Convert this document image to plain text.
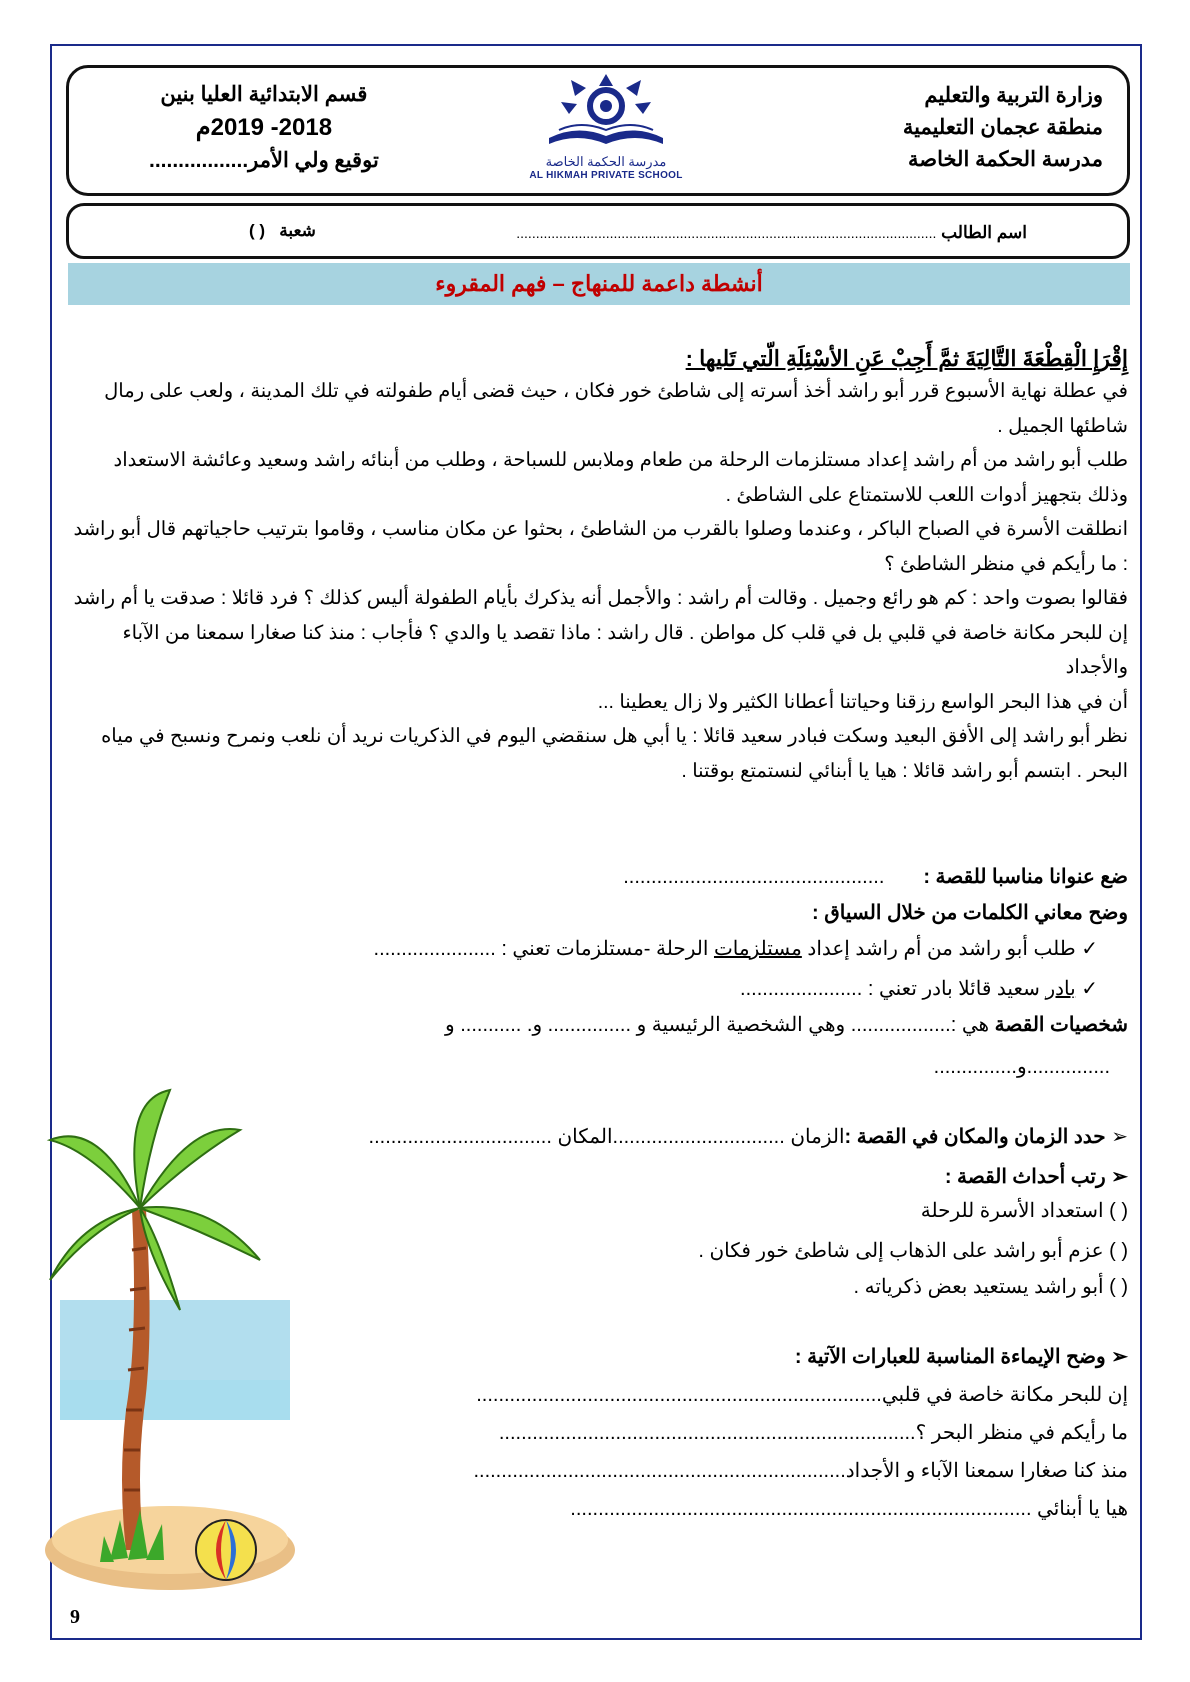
وزارة التربية والتعليم
منطقة عجمان التعليمية
مدرسة الحكمة الخاصة
مدرسة الحكمة الخاصة
AL HIKMAH PRIVATE SCHOOL
قسم الابتدائية العليا بنين
2018- 2019م
توقيع ولي الأمر.................
اسم الطالب ............................................................................................................
شعبة   ( )
أنشطة داعمة للمنهاج – فهم المقروء
إِقْرَإِ الْقِطْعَةَ التَّالِيَةَ ثمَّ أَجِبْ عَنِ الأسْئِلَةِ الّتي تَليها :

في عطلة نهاية الأسبوع قرر أبو راشد أخذ أسرته إلى شاطئ خور فكان ، حيث قضى أيام طفولته في تلك المدينة ، ولعب على رمال شاطئها الجميل .

طلب أبو راشد من أم راشد إعداد مستلزمات الرحلة من طعام وملابس للسباحة ، وطلب من أبنائه راشد وسعيد وعائشة الاستعداد وذلك بتجهيز أدوات اللعب للاستمتاع على الشاطئ .

انطلقت الأسرة في الصباح الباكر ، وعندما وصلوا بالقرب من الشاطئ ، بحثوا عن مكان مناسب ، وقاموا بترتيب حاجياتهم قال أبو راشد : ما رأيكم في منظر الشاطئ ؟

فقالوا بصوت واحد : كم هو رائع وجميل . وقالت أم راشد : والأجمل أنه يذكرك بأيام الطفولة أليس كذلك ؟ فرد قائلا : صدقت يا أم راشد إن للبحر مكانة خاصة في قلبي بل في قلب كل مواطن . قال راشد : ماذا تقصد يا والدي ؟ فأجاب : منذ كنا صغارا سمعنا من الآباء والأجداد

أن في هذا البحر الواسع رزقنا وحياتنا أعطانا الكثير ولا زال يعطينا ...

نظر أبو راشد إلى الأفق البعيد وسكت فبادر سعيد قائلا : يا أبي هل سنقضي اليوم في الذكريات نريد أن نلعب ونمرح ونسبح في مياه البحر . ابتسم أبو راشد قائلا : هيا يا أبنائي لنستمتع بوقتنا .

ضع عنوانا مناسبا للقصة :       ...............................................
وضح معاني الكلمات من خلال السياق :
✓ طلب أبو راشد من أم راشد إعداد مستلزمات الرحلة -مستلزمات تعني : ......................
✓ بادر سعيد قائلا بادر تعني : ......................
شخصيات القصة هي :.................. وهي الشخصية الرئيسية و ............... و. ........... و
...............و...............
➢ حدد الزمان والمكان في القصة :الزمان ...............................المكان .................................
➢ رتب أحداث القصة :
( ) استعداد الأسرة للرحلة
( ) عزم أبو راشد على الذهاب إلى شاطئ خور فكان .
( ) أبو راشد يستعيد بعض ذكرياته .
➢ وضح الإيماءة المناسبة للعبارات الآتية :
إن للبحر مكانة خاصة في قلبي.........................................................................
ما رأيكم في منظر البحر ؟...........................................................................
منذ كنا صغارا سمعنا الآباء و الأجداد...................................................................
هيا يا أبنائي ...................................................................................
9
